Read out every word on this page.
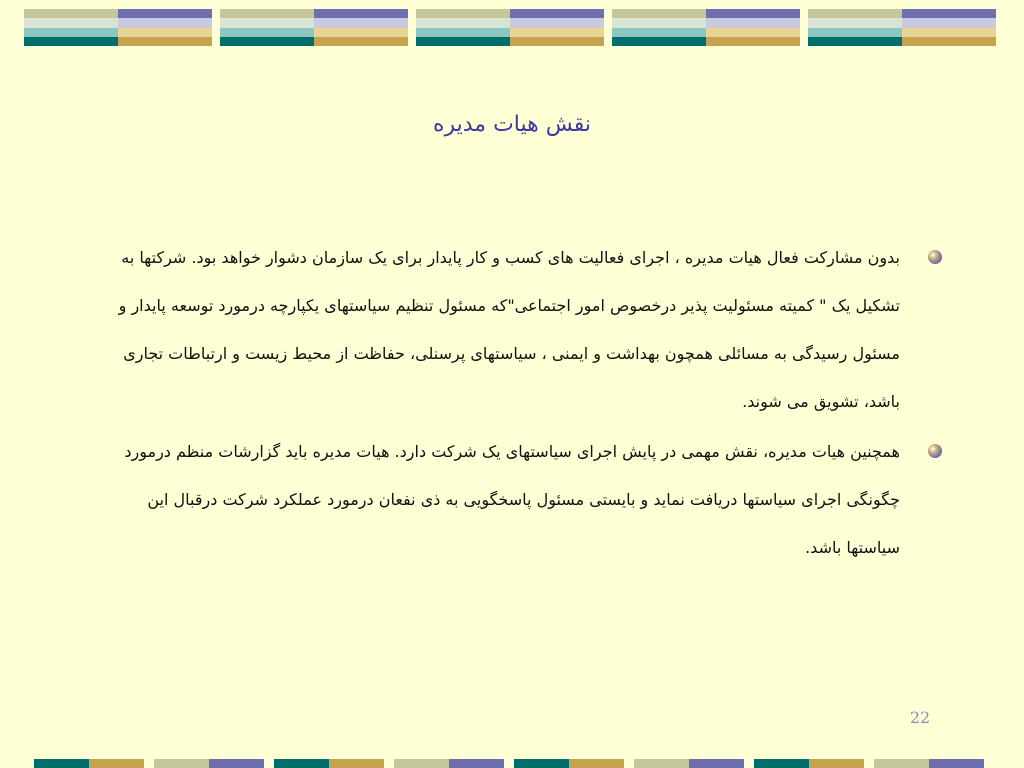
نقش هیات مدیره
بدون مشارکت فعال هیات مدیره ، اجرای فعالیت های کسب و کار پایدار برای یک سازمان دشوار خواهد بود. شرکتها به تشکیل یک " کمیته مسئولیت پذیر درخصوص امور اجتماعی"که مسئول تنظیم سیاستهای یکپارچه درمورد توسعه پایدار و مسئول رسیدگی به مسائلی همچون بهداشت و ایمنی ، سیاستهای پرسنلی، حفاظت از محیط زیست و ارتباطات تجاری باشد، تشویق می شوند.
همچنین هیات مدیره، نقش مهمی در پایش اجرای سیاستهای یک شرکت دارد. هیات مدیره باید گزارشات منظم درمورد چگونگی اجرای سیاستها دریافت نماید و بایستی مسئول پاسخگویی به ذی نفعان درمورد عملکرد شرکت درقبال این سیاستها باشد.
22
